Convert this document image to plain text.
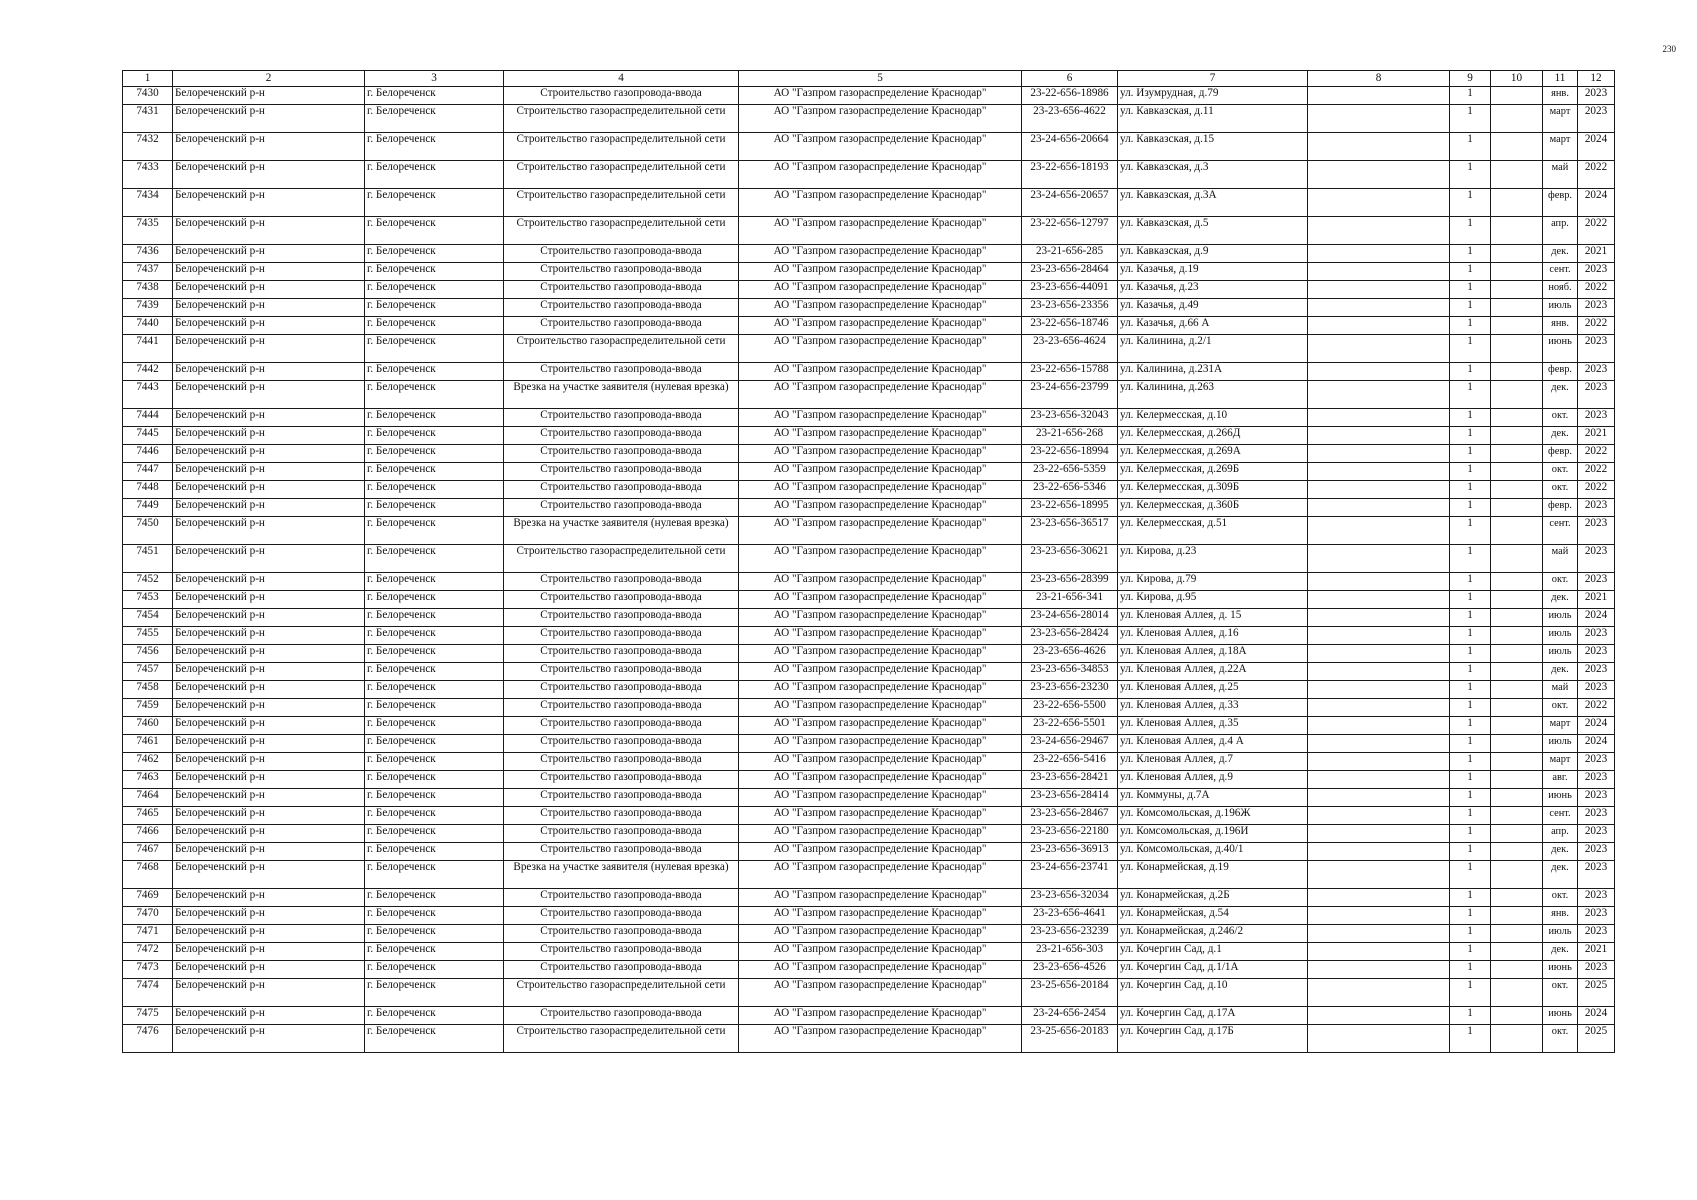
230
1	2	3	4	5	6	7	8	9	10	11	12
7430	Белореченский р-н	г. Белореченск	Строительство газопровода-ввода	АО "Газпром газораспределение Краснодар"	23-22-656-18986	ул. Изумрудная, д.79		1		янв.	2023
7431	Белореченский р-н	г. Белореченск	Строительство газораспределительной сети	АО "Газпром газораспределение Краснодар"	23-23-656-4622	ул. Кавказская, д.11		1		март	2023
7432	Белореченский р-н	г. Белореченск	Строительство газораспределительной сети	АО "Газпром газораспределение Краснодар"	23-24-656-20664	ул. Кавказская, д.15		1		март	2024
7433	Белореченский р-н	г. Белореченск	Строительство газораспределительной сети	АО "Газпром газораспределение Краснодар"	23-22-656-18193	ул. Кавказская, д.3		1		май	2022
7434	Белореченский р-н	г. Белореченск	Строительство газораспределительной сети	АО "Газпром газораспределение Краснодар"	23-24-656-20657	ул. Кавказская, д.3А		1		февр.	2024
7435	Белореченский р-н	г. Белореченск	Строительство газораспределительной сети	АО "Газпром газораспределение Краснодар"	23-22-656-12797	ул. Кавказская, д.5		1		апр.	2022
7436	Белореченский р-н	г. Белореченск	Строительство газопровода-ввода	АО "Газпром газораспределение Краснодар"	23-21-656-285	ул. Кавказская, д.9		1		дек.	2021
7437	Белореченский р-н	г. Белореченск	Строительство газопровода-ввода	АО "Газпром газораспределение Краснодар"	23-23-656-28464	ул. Казачья, д.19		1		сент.	2023
7438	Белореченский р-н	г. Белореченск	Строительство газопровода-ввода	АО "Газпром газораспределение Краснодар"	23-23-656-44091	ул. Казачья, д.23		1		нояб.	2022
7439	Белореченский р-н	г. Белореченск	Строительство газопровода-ввода	АО "Газпром газораспределение Краснодар"	23-23-656-23356	ул. Казачья, д.49		1		июль	2023
7440	Белореченский р-н	г. Белореченск	Строительство газопровода-ввода	АО "Газпром газораспределение Краснодар"	23-22-656-18746	ул. Казачья, д.66 А		1		янв.	2022
7441	Белореченский р-н	г. Белореченск	Строительство газораспределительной сети	АО "Газпром газораспределение Краснодар"	23-23-656-4624	ул. Калинина, д.2/1		1		июнь	2023
7442	Белореченский р-н	г. Белореченск	Строительство газопровода-ввода	АО "Газпром газораспределение Краснодар"	23-22-656-15788	ул. Калинина, д.231А		1		февр.	2023
7443	Белореченский р-н	г. Белореченск	Врезка на участке заявителя (нулевая врезка)	АО "Газпром газораспределение Краснодар"	23-24-656-23799	ул. Калинина, д.263		1		дек.	2023
7444	Белореченский р-н	г. Белореченск	Строительство газопровода-ввода	АО "Газпром газораспределение Краснодар"	23-23-656-32043	ул. Келермесская, д.10		1		окт.	2023
7445	Белореченский р-н	г. Белореченск	Строительство газопровода-ввода	АО "Газпром газораспределение Краснодар"	23-21-656-268	ул. Келермесская, д.266Д		1		дек.	2021
7446	Белореченский р-н	г. Белореченск	Строительство газопровода-ввода	АО "Газпром газораспределение Краснодар"	23-22-656-18994	ул. Келермесская, д.269А		1		февр.	2022
7447	Белореченский р-н	г. Белореченск	Строительство газопровода-ввода	АО "Газпром газораспределение Краснодар"	23-22-656-5359	ул. Келермесская, д.269Б		1		окт.	2022
7448	Белореченский р-н	г. Белореченск	Строительство газопровода-ввода	АО "Газпром газораспределение Краснодар"	23-22-656-5346	ул. Келермесская, д.309Б		1		окт.	2022
7449	Белореченский р-н	г. Белореченск	Строительство газопровода-ввода	АО "Газпром газораспределение Краснодар"	23-22-656-18995	ул. Келермесская, д.360Б		1		февр.	2023
7450	Белореченский р-н	г. Белореченск	Врезка на участке заявителя (нулевая врезка)	АО "Газпром газораспределение Краснодар"	23-23-656-36517	ул. Келермесская, д.51		1		сент.	2023
7451	Белореченский р-н	г. Белореченск	Строительство газораспределительной сети	АО "Газпром газораспределение Краснодар"	23-23-656-30621	ул. Кирова, д.23		1		май	2023
7452	Белореченский р-н	г. Белореченск	Строительство газопровода-ввода	АО "Газпром газораспределение Краснодар"	23-23-656-28399	ул. Кирова, д.79		1		окт.	2023
7453	Белореченский р-н	г. Белореченск	Строительство газопровода-ввода	АО "Газпром газораспределение Краснодар"	23-21-656-341	ул. Кирова, д.95		1		дек.	2021
7454	Белореченский р-н	г. Белореченск	Строительство газопровода-ввода	АО "Газпром газораспределение Краснодар"	23-24-656-28014	ул. Кленовая Аллея, д. 15		1		июль	2024
7455	Белореченский р-н	г. Белореченск	Строительство газопровода-ввода	АО "Газпром газораспределение Краснодар"	23-23-656-28424	ул. Кленовая Аллея, д.16		1		июль	2023
7456	Белореченский р-н	г. Белореченск	Строительство газопровода-ввода	АО "Газпром газораспределение Краснодар"	23-23-656-4626	ул. Кленовая Аллея, д.18А		1		июль	2023
7457	Белореченский р-н	г. Белореченск	Строительство газопровода-ввода	АО "Газпром газораспределение Краснодар"	23-23-656-34853	ул. Кленовая Аллея, д.22А		1		дек.	2023
7458	Белореченский р-н	г. Белореченск	Строительство газопровода-ввода	АО "Газпром газораспределение Краснодар"	23-23-656-23230	ул. Кленовая Аллея, д.25		1		май	2023
7459	Белореченский р-н	г. Белореченск	Строительство газопровода-ввода	АО "Газпром газораспределение Краснодар"	23-22-656-5500	ул. Кленовая Аллея, д.33		1		окт.	2022
7460	Белореченский р-н	г. Белореченск	Строительство газопровода-ввода	АО "Газпром газораспределение Краснодар"	23-22-656-5501	ул. Кленовая Аллея, д.35		1		март	2024
7461	Белореченский р-н	г. Белореченск	Строительство газопровода-ввода	АО "Газпром газораспределение Краснодар"	23-24-656-29467	ул. Кленовая Аллея, д.4 А		1		июль	2024
7462	Белореченский р-н	г. Белореченск	Строительство газопровода-ввода	АО "Газпром газораспределение Краснодар"	23-22-656-5416	ул. Кленовая Аллея, д.7		1		март	2023
7463	Белореченский р-н	г. Белореченск	Строительство газопровода-ввода	АО "Газпром газораспределение Краснодар"	23-23-656-28421	ул. Кленовая Аллея, д.9		1		авг.	2023
7464	Белореченский р-н	г. Белореченск	Строительство газопровода-ввода	АО "Газпром газораспределение Краснодар"	23-23-656-28414	ул. Коммуны, д.7А		1		июнь	2023
7465	Белореченский р-н	г. Белореченск	Строительство газопровода-ввода	АО "Газпром газораспределение Краснодар"	23-23-656-28467	ул. Комсомольская, д.196Ж		1		сент.	2023
7466	Белореченский р-н	г. Белореченск	Строительство газопровода-ввода	АО "Газпром газораспределение Краснодар"	23-23-656-22180	ул. Комсомольская, д.196И		1		апр.	2023
7467	Белореченский р-н	г. Белореченск	Строительство газопровода-ввода	АО "Газпром газораспределение Краснодар"	23-23-656-36913	ул. Комсомольская, д.40/1		1		дек.	2023
7468	Белореченский р-н	г. Белореченск	Врезка на участке заявителя (нулевая врезка)	АО "Газпром газораспределение Краснодар"	23-24-656-23741	ул. Конармейская, д.19		1		дек.	2023
7469	Белореченский р-н	г. Белореченск	Строительство газопровода-ввода	АО "Газпром газораспределение Краснодар"	23-23-656-32034	ул. Конармейская, д.2Б		1		окт.	2023
7470	Белореченский р-н	г. Белореченск	Строительство газопровода-ввода	АО "Газпром газораспределение Краснодар"	23-23-656-4641	ул. Конармейская, д.54		1		янв.	2023
7471	Белореченский р-н	г. Белореченск	Строительство газопровода-ввода	АО "Газпром газораспределение Краснодар"	23-23-656-23239	ул. Конармейская, д.246/2		1		июль	2023
7472	Белореченский р-н	г. Белореченск	Строительство газопровода-ввода	АО "Газпром газораспределение Краснодар"	23-21-656-303	ул. Кочергин Сад, д.1		1		дек.	2021
7473	Белореченский р-н	г. Белореченск	Строительство газопровода-ввода	АО "Газпром газораспределение Краснодар"	23-23-656-4526	ул. Кочергин Сад, д.1/1А		1		июнь	2023
7474	Белореченский р-н	г. Белореченск	Строительство газораспределительной сети	АО "Газпром газораспределение Краснодар"	23-25-656-20184	ул. Кочергин Сад, д.10		1		окт.	2025
7475	Белореченский р-н	г. Белореченск	Строительство газопровода-ввода	АО "Газпром газораспределение Краснодар"	23-24-656-2454	ул. Кочергин Сад, д.17А		1		июнь	2024
7476	Белореченский р-н	г. Белореченск	Строительство газораспределительной сети	АО "Газпром газораспределение Краснодар"	23-25-656-20183	ул. Кочергин Сад, д.17Б		1		окт.	2025
